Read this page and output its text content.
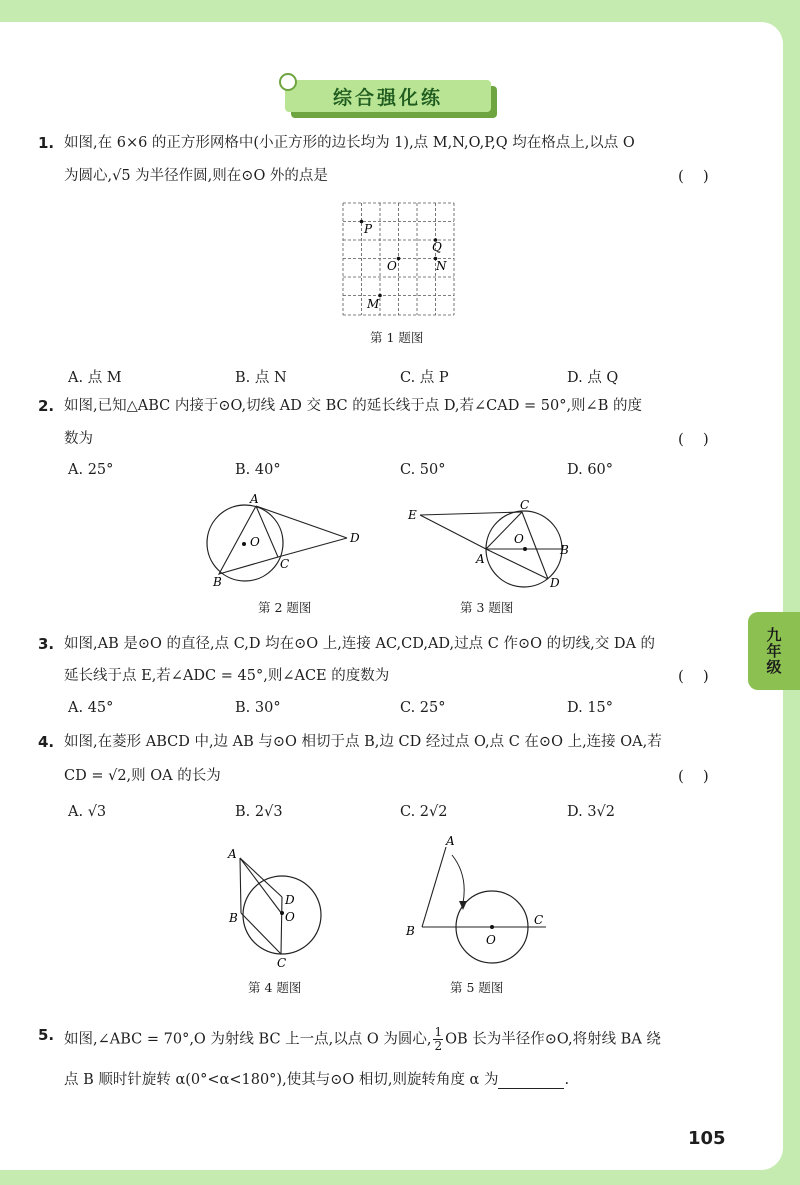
九年级
综合强化练
1. 如图,在 6×6 的正方形网格中(小正方形的边长均为 1),点 M,N,O,P,Q 均在格点上,以点 O
为圆心,√5 为半径作圆,则在⊙O 外的点是	(    )
P
Q
O	N
M
第 1 题图
A. 点 M	B. 点 N	C. 点 P	D. 点 Q
2. 如图,已知△ABC 内接于⊙O,切线 AD 交 BC 的延长线于点 D,若∠CAD = 50°,则∠B 的度
数为	(    )
A. 25°	B. 40°	C. 50°	D. 60°
A
B
C
D
O
第 2 题图
E
C
O
B
A
D
第 3 题图
3. 如图,AB 是⊙O 的直径,点 C,D 均在⊙O 上,连接 AC,CD,AD,过点 C 作⊙O 的切线,交 DA 的
延长线于点 E,若∠ADC = 45°,则∠ACE 的度数为	(    )
A. 45°	B. 30°	C. 25°	D. 15°
4. 如图,在菱形 ABCD 中,边 AB 与⊙O 相切于点 B,边 CD 经过点 O,点 C 在⊙O 上,连接 OA,若
CD = √2,则 OA 的长为	(    )
A. √3	B. 2√3	C. 2√2	D. 3√2
A
D
O
B
C
第 4 题图
A
B
C
O
第 5 题图
5. 如图,∠ABC = 70°,O 为射线 BC 上一点,以点 O 为圆心, $\frac{1}{2}$ OB 长为半径作⊙O,将射线 BA 绕
点 B 顺时针旋转 α(0°<α<180°),使其与⊙O 相切,则旋转角度 α 为	.
105
